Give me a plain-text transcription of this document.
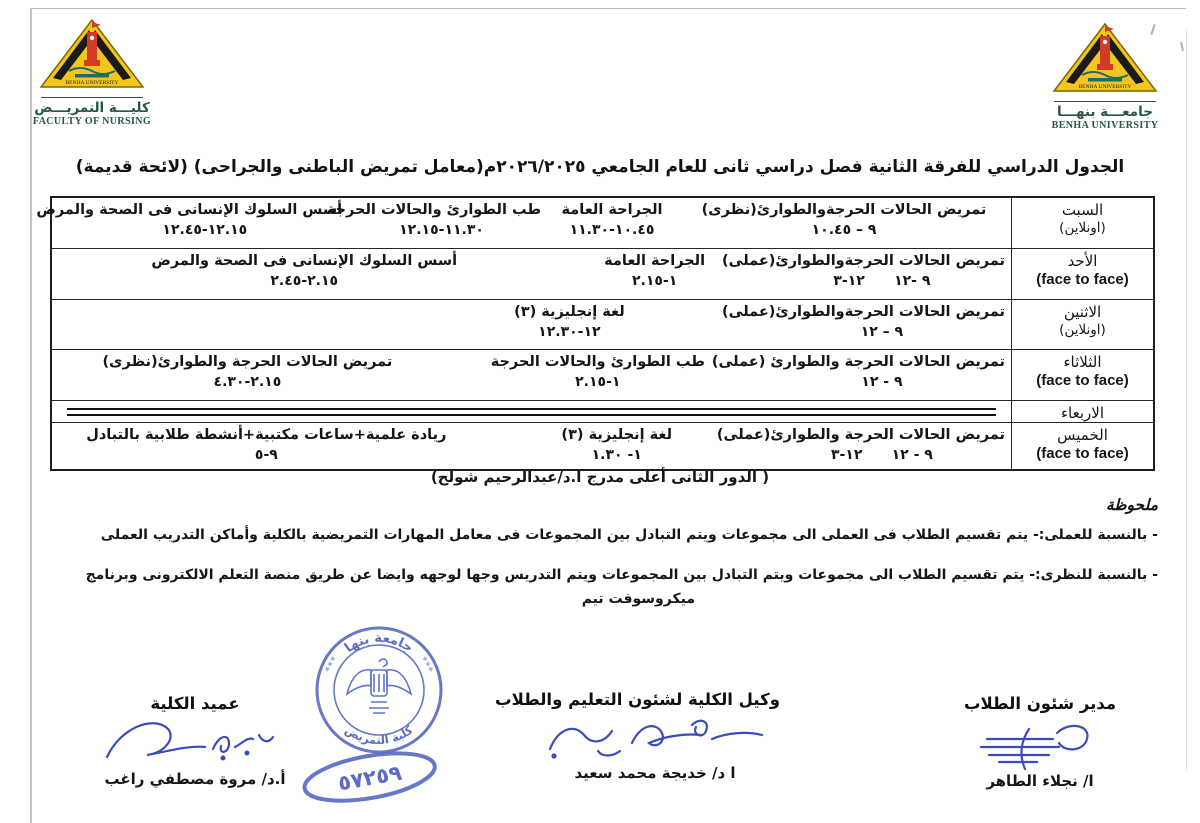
BENHA UNIVERSITY
كليـــة التمريـــض
FACULTY OF NURSING
BENHA UNIVERSITY
جامعـــة بنهـــا
BENHA UNIVERSITY
الجدول الدراسي للفرقة الثانية فصل دراسي ثانى للعام الجامعي ٢٠٢٦/٢٠٢٥م(معامل تمريض الباطنى والجراحى) (لائحة قديمة)
السبت
(اونلاين)
تمريض الحالات الحرجةوالطوارئ(نظرى)
٩ – ١٠.٤٥
الجراحة العامة
١٠.٤٥-١١.٣٠
طب الطوارئ والحالات الحرجة
١١.٣٠-١٢.١٥
أسس السلوك الإنسانى فى الصحة والمرض
١٢.١٥-١٢.٤٥
الأحد
(face to face)
تمريض الحالات الحرجةوالطوارئ(عملى)
٩ -١٢      ١٢-٣
الجراحة العامة
١-٢.١٥
أسس السلوك الإنسانى فى الصحة والمرض
٢.١٥-٢.٤٥
الاثنين
(اونلاين)
تمريض الحالات الحرجةوالطوارئ(عملى)
٩ – ١٢
لغة إنجليزية (٣)
١٢-١٢.٣٠
الثلاثاء
(face to face)
تمريض الحالات الحرجة والطوارئ (عملى)
٩ - ١٢
طب الطوارئ والحالات الحرجة
١-٢.١٥
تمريض الحالات الحرجة والطوارئ(نظرى)
٢.١٥-٤.٣٠
الاربعاء
الخميس
(face to face)
تمريض الحالات الحرجة والطوارئ(عملى)
٩ - ١٢      ١٢-٣
لغة إنجليزية (٣)
١- ١.٣٠
ريادة علمية+ساعات مكتبية+أنشطة طلابية بالتبادل
٩-٥
( الدور الثانى أعلى مدرج ا.د/عبدالرحيم شولح)
ملحوظة
- بالنسبة للعملى:- يتم تقسيم الطلاب فى العملى الى مجموعات ويتم التبادل بين المجموعات فى معامل المهارات التمريضية بالكلية وأماكن التدريب العملى
- بالنسبة للنظرى:- يتم تقسيم الطلاب الى مجموعات ويتم التبادل بين المجموعات ويتم التدريس وجها لوجهه وايضا عن طريق منصة التعلم الالكترونى وبرنامج
ميكروسوفت تيم
جامعة بنها
كلية التمريض
✳✳✳	✳✳✳
٥٧٢٥٩
عميد الكلية
أ.د/ مروة مصطفي راغب
وكيل الكلية لشئون التعليم والطلاب
ا د/ خديجة محمد سعيد
مدير شئون الطلاب
ا/ نجلاء الطاهر
